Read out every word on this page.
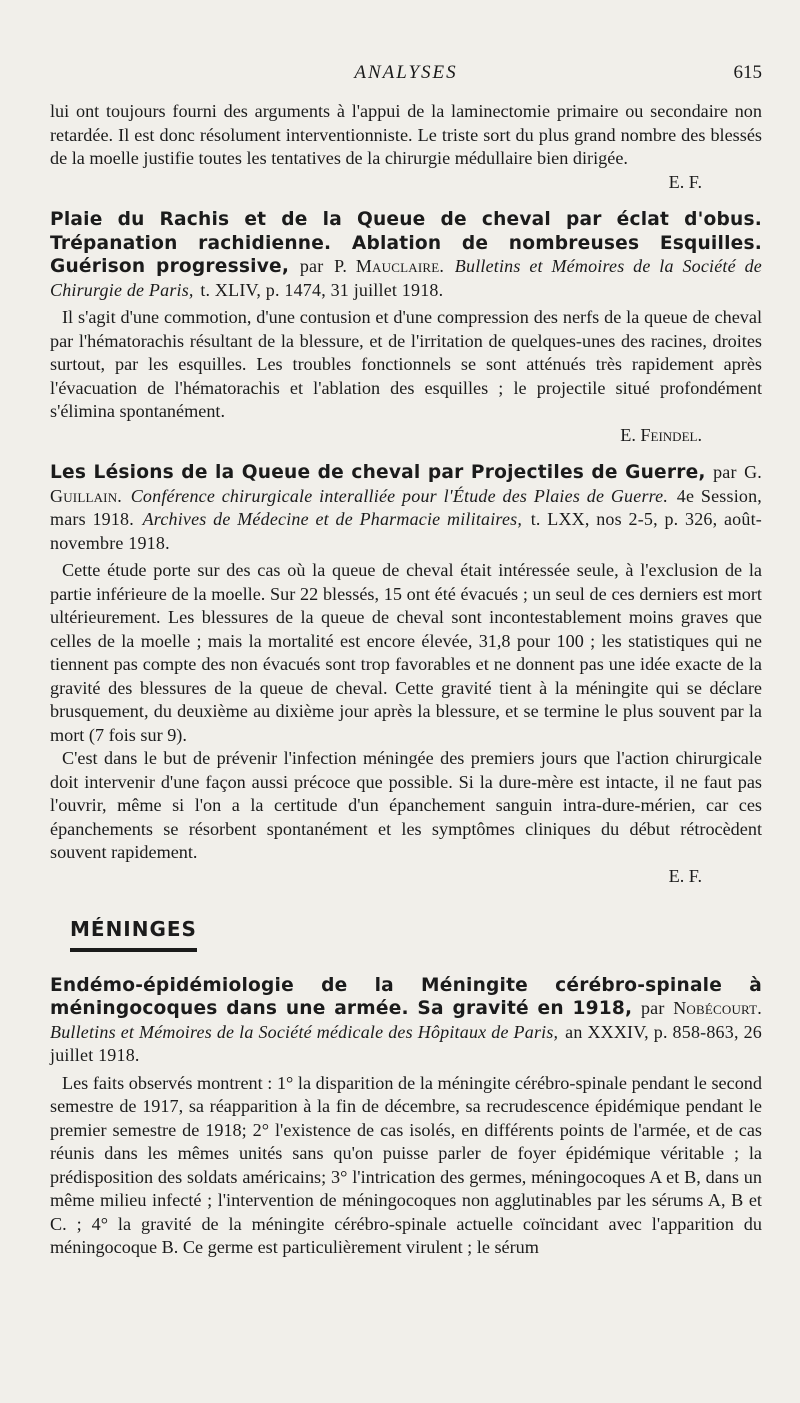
ANALYSES	615

lui ont toujours fourni des arguments à l'appui de la laminectomie primaire ou secondaire non retardée. Il est donc résolument interventionniste. Le triste sort du plus grand nombre des blessés de la moelle justifie toutes les tentatives de la chirurgie médullaire bien dirigée.

E. F.

Plaie du Rachis et de la Queue de cheval par éclat d'obus. Trépanation rachidienne. Ablation de nombreuses Esquilles. Guérison progressive, par P. Mauclaire. Bulletins et Mémoires de la Société de Chirurgie de Paris, t. XLIV, p. 1474, 31 juillet 1918.

Il s'agit d'une commotion, d'une contusion et d'une compression des nerfs de la queue de cheval par l'hématorachis résultant de la blessure, et de l'irritation de quelques-unes des racines, droites surtout, par les esquilles. Les troubles fonctionnels se sont atténués très rapidement après l'évacuation de l'hématorachis et l'ablation des esquilles ; le projectile situé profondément s'élimina spontanément.

E. Feindel.

Les Lésions de la Queue de cheval par Projectiles de Guerre, par G. Guillain. Conférence chirurgicale interalliée pour l'Étude des Plaies de Guerre. 4e Session, mars 1918. Archives de Médecine et de Pharmacie militaires, t. LXX, nos 2-5, p. 326, août-novembre 1918.

Cette étude porte sur des cas où la queue de cheval était intéressée seule, à l'exclusion de la partie inférieure de la moelle. Sur 22 blessés, 15 ont été évacués ; un seul de ces derniers est mort ultérieurement. Les blessures de la queue de cheval sont incontestablement moins graves que celles de la moelle ; mais la mortalité est encore élevée, 31,8 pour 100 ; les statistiques qui ne tiennent pas compte des non évacués sont trop favorables et ne donnent pas une idée exacte de la gravité des blessures de la queue de cheval. Cette gravité tient à la méningite qui se déclare brusquement, du deuxième au dixième jour après la blessure, et se termine le plus souvent par la mort (7 fois sur 9).

C'est dans le but de prévenir l'infection méningée des premiers jours que l'action chirurgicale doit intervenir d'une façon aussi précoce que possible. Si la dure-mère est intacte, il ne faut pas l'ouvrir, même si l'on a la certitude d'un épanchement sanguin intra-dure-mérien, car ces épanchements se résorbent spontanément et les symptômes cliniques du début rétrocèdent souvent rapidement.

E. F.

MÉNINGES
Endémo-épidémiologie de la Méningite cérébro-spinale à méningocoques dans une armée. Sa gravité en 1918, par Nobécourt. Bulletins et Mémoires de la Société médicale des Hôpitaux de Paris, an XXXIV, p. 858-863, 26 juillet 1918.

Les faits observés montrent : 1° la disparition de la méningite cérébro-spinale pendant le second semestre de 1917, sa réapparition à la fin de décembre, sa recrudescence épidémique pendant le premier semestre de 1918; 2° l'existence de cas isolés, en différents points de l'armée, et de cas réunis dans les mêmes unités sans qu'on puisse parler de foyer épidémique véritable ; la prédisposition des soldats américains; 3° l'intrication des germes, méningocoques A et B, dans un même milieu infecté ; l'intervention de méningocoques non agglutinables par les sérums A, B et C. ; 4° la gravité de la méningite cérébro-spinale actuelle coïncidant avec l'apparition du méningocoque B. Ce germe est particulièrement virulent ; le sérum
